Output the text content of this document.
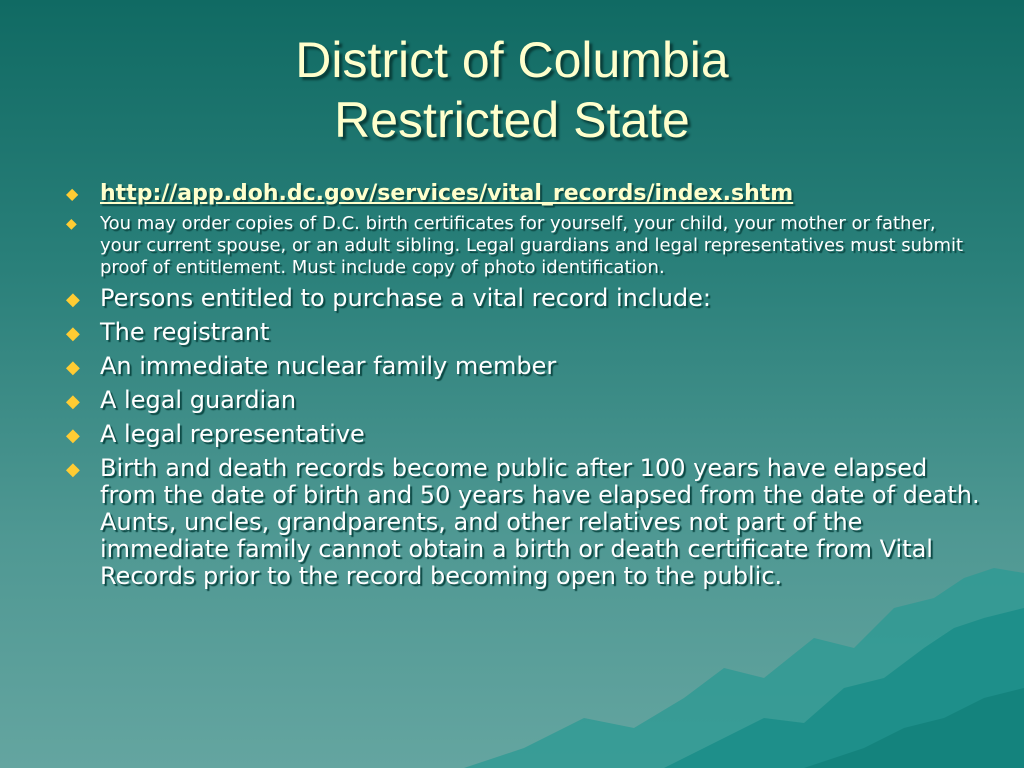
District of Columbia
Restricted State
◆ http://app.doh.dc.gov/services/vital_records/index.shtm
◆ You may order copies of D.C. birth certificates for yourself, your child, your mother or father, your current spouse, or an adult sibling. Legal guardians and legal representatives must submit proof of entitlement. Must include copy of photo identification.
◆ Persons entitled to purchase a vital record include:
◆ The registrant
◆ An immediate nuclear family member
◆ A legal guardian
◆ A legal representative
◆ Birth and death records become public after 100 years have elapsed from the date of birth and 50 years have elapsed from the date of death. Aunts, uncles, grandparents, and other relatives not part of the immediate family cannot obtain a birth or death certificate from Vital Records prior to the record becoming open to the public.
